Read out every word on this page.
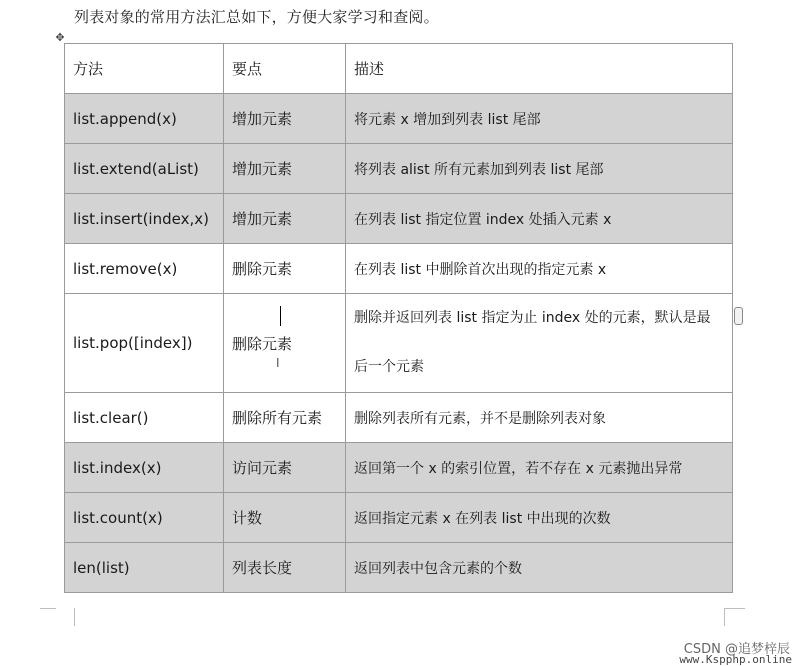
列表对象的常用方法汇总如下，方便大家学习和查阅。
✥
方法	要点	描述
list.append(x)	增加元素	将元素 x 增加到列表 list 尾部
list.extend(aList)	增加元素	将列表 alist 所有元素加到列表 list 尾部
list.insert(index,x)	增加元素	在列表 list 指定位置 index 处插入元素 x
list.remove(x)	删除元素	在列表 list 中删除首次出现的指定元素 x
list.pop([index])	删除元素	删除并返回列表 list 指定为止 index 处的元素，默认是最后一个元素
list.clear()	删除所有元素	删除列表所有元素，并不是删除列表对象
list.index(x)	访问元素	返回第一个 x 的索引位置，若不存在 x 元素抛出异常
list.count(x)	计数	返回指定元素 x 在列表 list 中出现的次数
len(list)	列表长度	返回列表中包含元素的个数
I
CSDN @追梦梓辰
www.Kspphp.online
